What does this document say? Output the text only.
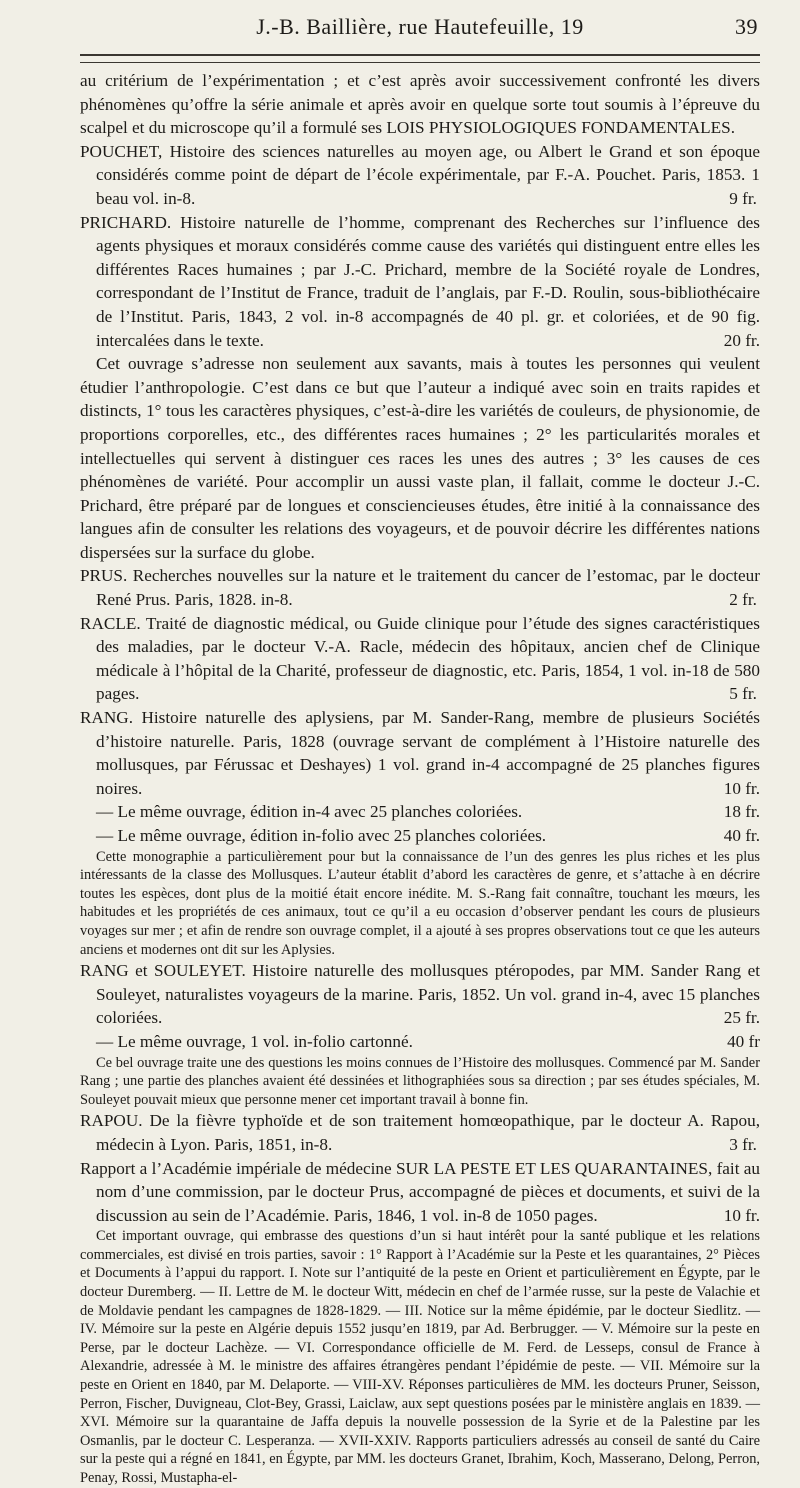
J.-B. Baillière, rue Hautefeuille, 19	39

au critérium de l’expérimentation ; et c’est après avoir successivement confronté les divers phénomènes qu’offre la série animale et après avoir en quelque sorte tout soumis à l’épreuve du scalpel et du microscope qu’il a formulé ses LOIS PHYSIOLOGIQUES FONDAMENTALES.

POUCHET, Histoire des sciences naturelles au moyen age, ou Albert le Grand et son époque considérés comme point de départ de l’école expérimentale, par F.-A. Pouchet. Paris, 1853. 1 beau vol. in-8.	9 fr.

PRICHARD. Histoire naturelle de l’homme, comprenant des Recherches sur l’influence des agents physiques et moraux considérés comme cause des variétés qui distinguent entre elles les différentes Races humaines ; par J.-C. Prichard, membre de la Société royale de Londres, correspondant de l’Institut de France, traduit de l’anglais, par F.-D. Roulin, sous-bibliothécaire de l’Institut. Paris, 1843, 2 vol. in-8 accompagnés de 40 pl. gr. et coloriées, et de 90 fig. intercalées dans le texte.	20 fr.

Cet ouvrage s’adresse non seulement aux savants, mais à toutes les personnes qui veulent étudier l’anthropologie. C’est dans ce but que l’auteur a indiqué avec soin en traits rapides et distincts, 1° tous les caractères physiques, c’est-à-dire les variétés de couleurs, de physionomie, de proportions corporelles, etc., des différentes races humaines ; 2° les particularités morales et intellectuelles qui servent à distinguer ces races les unes des autres ; 3° les causes de ces phénomènes de variété. Pour accomplir un aussi vaste plan, il fallait, comme le docteur J.-C. Prichard, être préparé par de longues et consciencieuses études, être initié à la connaissance des langues afin de consulter les relations des voyageurs, et de pouvoir décrire les différentes nations dispersées sur la surface du globe.

PRUS. Recherches nouvelles sur la nature et le traitement du cancer de l’estomac, par le docteur René Prus. Paris, 1828. in-8.	2 fr.

RACLE. Traité de diagnostic médical, ou Guide clinique pour l’étude des signes caractéristiques des maladies, par le docteur V.-A. Racle, médecin des hôpitaux, ancien chef de Clinique médicale à l’hôpital de la Charité, professeur de diagnostic, etc. Paris, 1854, 1 vol. in-18 de 580 pages.	5 fr.

RANG. Histoire naturelle des aplysiens, par M. Sander-Rang, membre de plusieurs Sociétés d’histoire naturelle. Paris, 1828 (ouvrage servant de complément à l’Histoire naturelle des mollusques, par Férussac et Deshayes) 1 vol. grand in-4 accompagné de 25 planches figures noires.	10 fr.

— Le même ouvrage, édition in-4 avec 25 planches coloriées.	18 fr.

— Le même ouvrage, édition in-folio avec 25 planches coloriées.	40 fr.

Cette monographie a particulièrement pour but la connaissance de l’un des genres les plus riches et les plus intéressants de la classe des Mollusques. L’auteur établit d’abord les caractères de genre, et s’attache à en décrire toutes les espèces, dont plus de la moitié était encore inédite. M. S.-Rang fait connaître, touchant les mœurs, les habitudes et les propriétés de ces animaux, tout ce qu’il a eu occasion d’observer pendant les cours de plusieurs voyages sur mer ; et afin de rendre son ouvrage complet, il a ajouté à ses propres observations tout ce que les auteurs anciens et modernes ont dit sur les Aplysies.

RANG et SOULEYET. Histoire naturelle des mollusques ptéropodes, par MM. Sander Rang et Souleyet, naturalistes voyageurs de la marine. Paris, 1852. Un vol. grand in-4, avec 15 planches coloriées.	25 fr.

— Le même ouvrage, 1 vol. in-folio cartonné.	40 fr

Ce bel ouvrage traite une des questions les moins connues de l’Histoire des mollusques. Commencé par M. Sander Rang ; une partie des planches avaient été dessinées et lithographiées sous sa direction ; par ses études spéciales, M. Souleyet pouvait mieux que personne mener cet important travail à bonne fin.

RAPOU. De la fièvre typhoïde et de son traitement homœopathique, par le docteur A. Rapou, médecin à Lyon. Paris, 1851, in-8.	3 fr.

Rapport a l’Académie impériale de médecine SUR LA PESTE ET LES QUARANTAINES, fait au nom d’une commission, par le docteur Prus, accompagné de pièces et documents, et suivi de la discussion au sein de l’Académie. Paris, 1846, 1 vol. in-8 de 1050 pages.	10 fr.

Cet important ouvrage, qui embrasse des questions d’un si haut intérêt pour la santé publique et les relations commerciales, est divisé en trois parties, savoir : 1° Rapport à l’Académie sur la Peste et les quarantaines, 2° Pièces et Documents à l’appui du rapport. I. Note sur l’antiquité de la peste en Orient et particulièrement en Égypte, par le docteur Duremberg. — II. Lettre de M. le docteur Witt, médecin en chef de l’armée russe, sur la peste de Valachie et de Moldavie pendant les campagnes de 1828-1829. — III. Notice sur la même épidémie, par le docteur Siedlitz. — IV. Mémoire sur la peste en Algérie depuis 1552 jusqu’en 1819, par Ad. Berbrugger. — V. Mémoire sur la peste en Perse, par le docteur Lachèze. — VI. Correspondance officielle de M. Ferd. de Lesseps, consul de France à Alexandrie, adressée à M. le ministre des affaires étrangères pendant l’épidémie de peste. — VII. Mémoire sur la peste en Orient en 1840, par M. Delaporte. — VIII-XV. Réponses particulières de MM. les docteurs Pruner, Seisson, Perron, Fischer, Duvigneau, Clot-Bey, Grassi, Laiclaw, aux sept questions posées par le ministère anglais en 1839. — XVI. Mémoire sur la quarantaine de Jaffa depuis la nouvelle possession de la Syrie et de la Palestine par les Osmanlis, par le docteur C. Lesperanza. — XVII-XXIV. Rapports particuliers adressés au conseil de santé du Caire sur la peste qui a régné en 1841, en Égypte, par MM. les docteurs Granet, Ibrahim, Koch, Masserano, Delong, Perron, Penay, Rossi, Mustapha-el-
